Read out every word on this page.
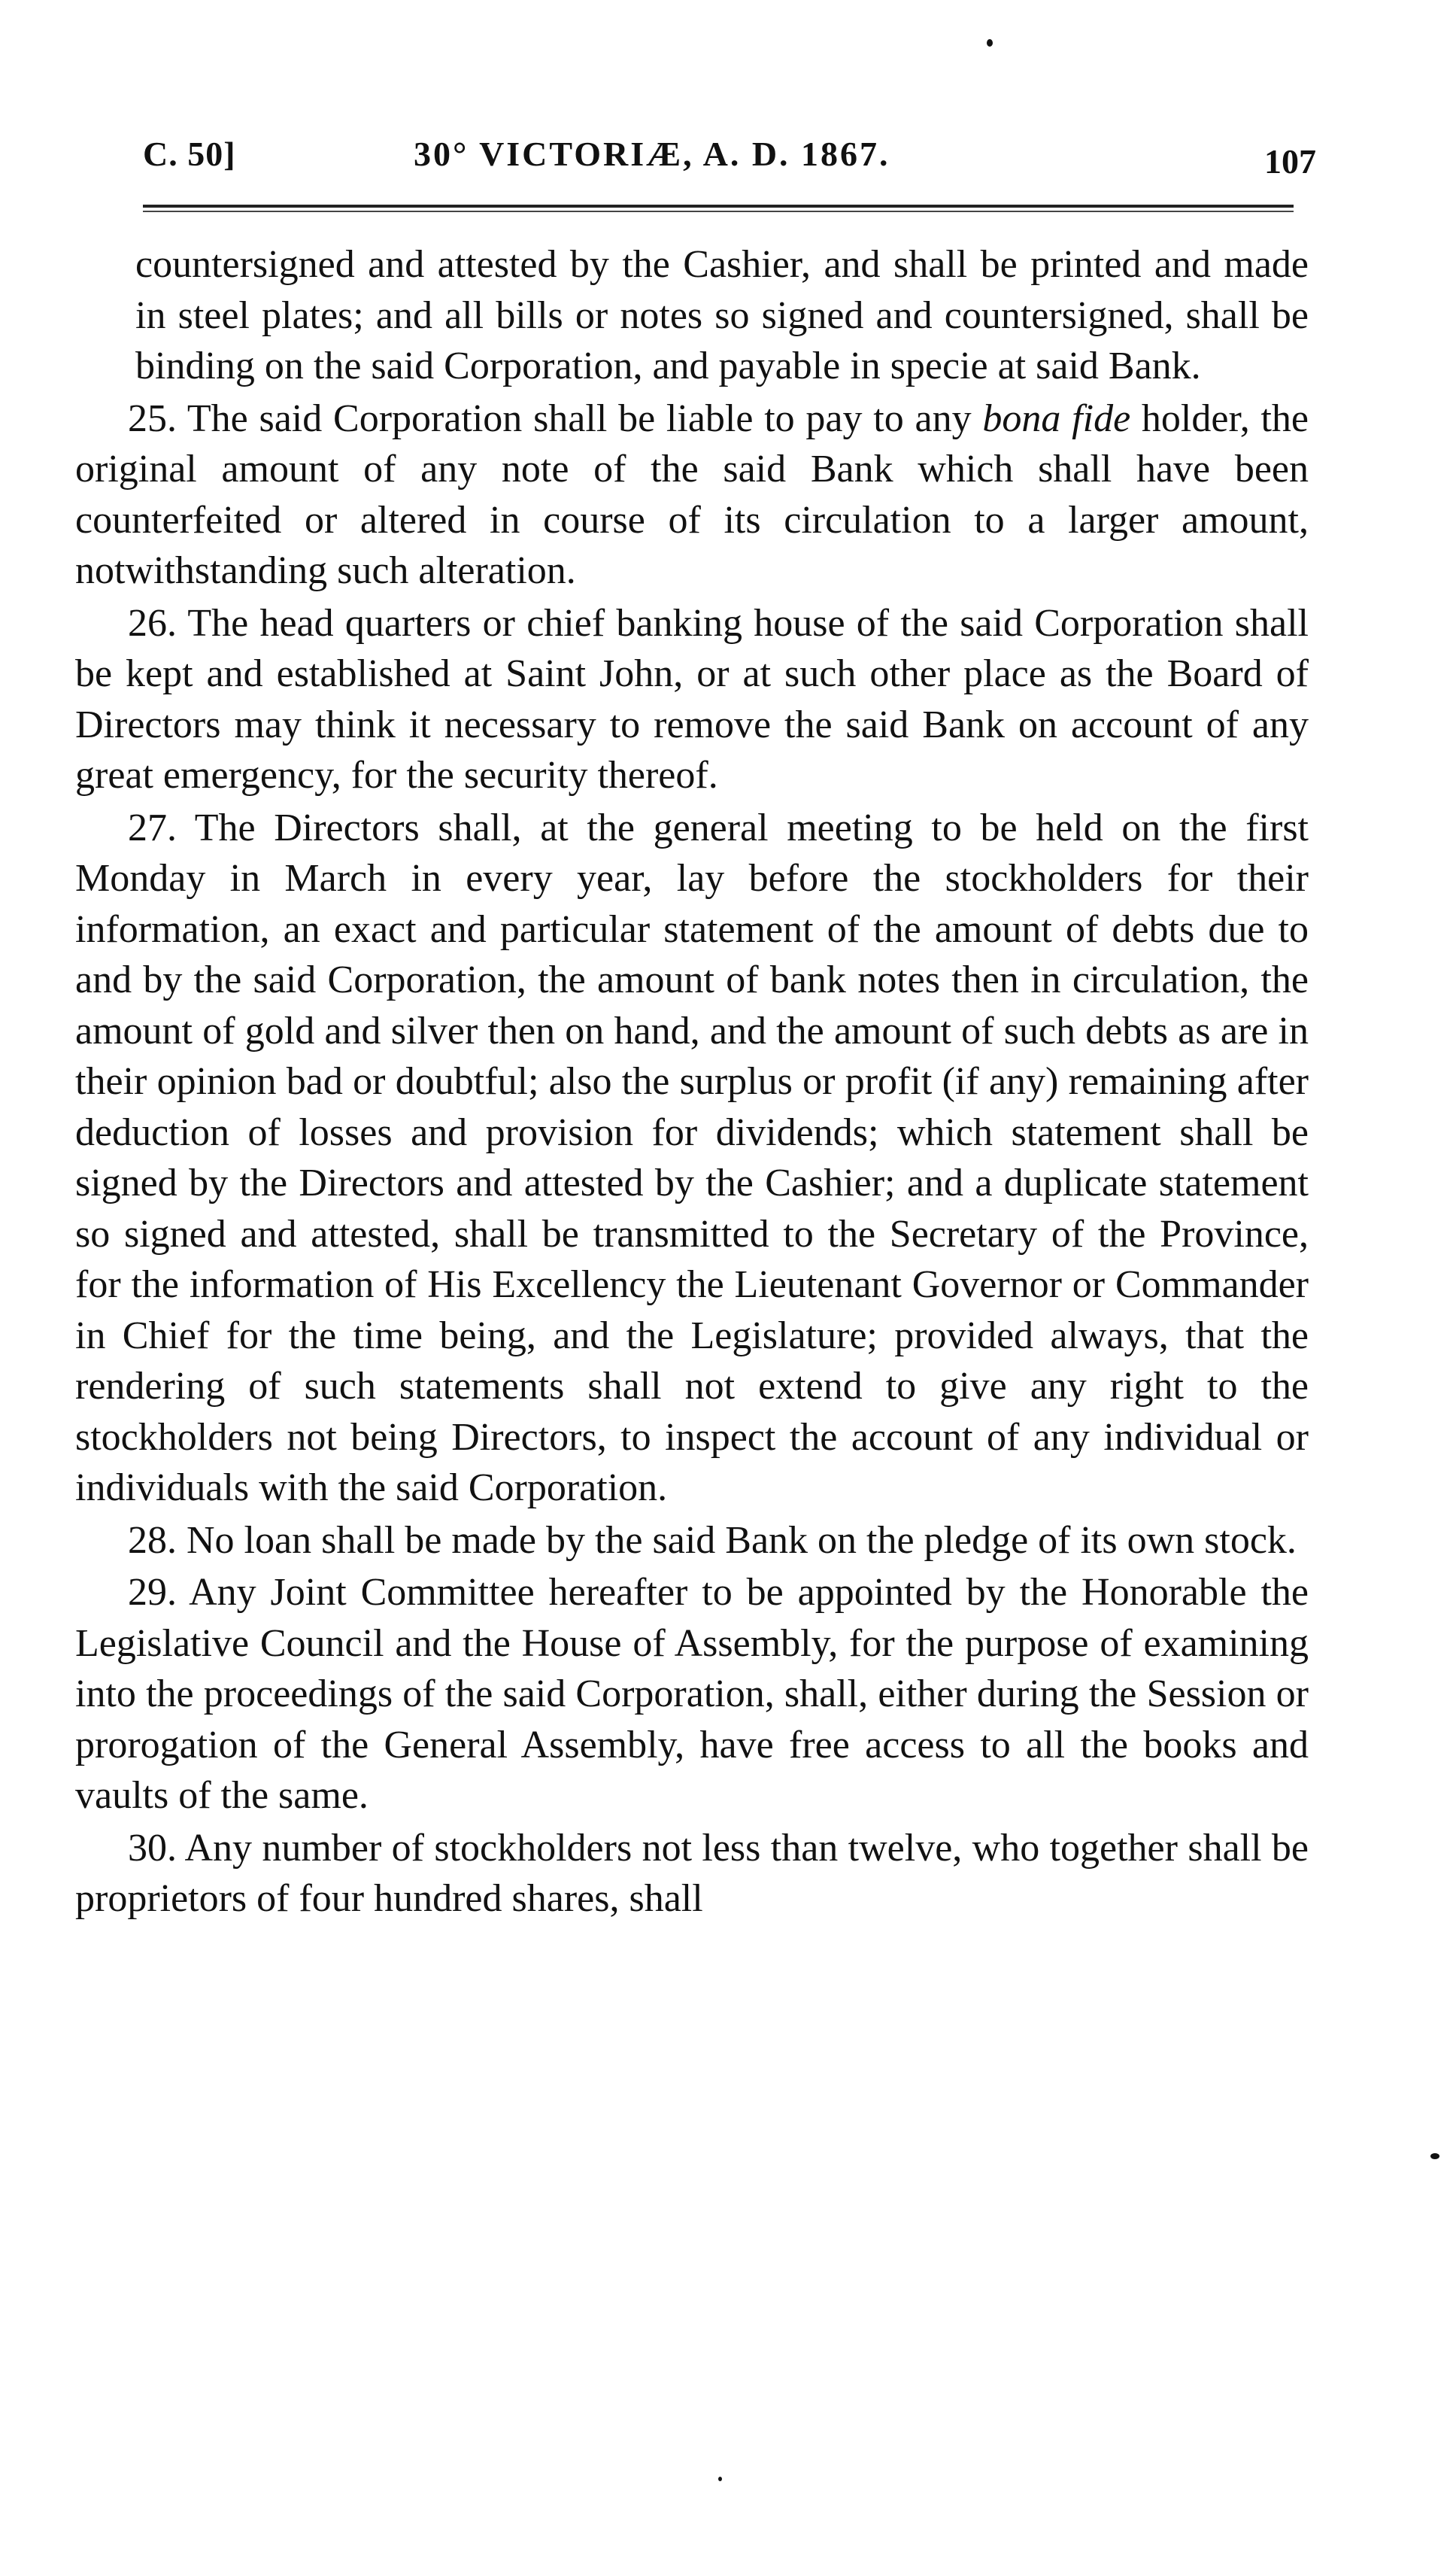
C. 50]	30° VICTORIÆ, A. D. 1867.	107

countersigned and attested by the Cashier, and shall be printed and made in steel plates; and all bills or notes so signed and countersigned, shall be binding on the said Corporation, and payable in specie at said Bank.

25. The said Corporation shall be liable to pay to any bona fide holder, the original amount of any note of the said Bank which shall have been counterfeited or altered in course of its circulation to a larger amount, notwithstanding such alteration.

26. The head quarters or chief banking house of the said Corporation shall be kept and established at Saint John, or at such other place as the Board of Directors may think it necessary to remove the said Bank on account of any great emergency, for the security thereof.

27. The Directors shall, at the general meeting to be held on the first Monday in March in every year, lay before the stockholders for their information, an exact and particular statement of the amount of debts due to and by the said Corporation, the amount of bank notes then in circulation, the amount of gold and silver then on hand, and the amount of such debts as are in their opinion bad or doubtful; also the surplus or profit (if any) remaining after deduction of losses and provision for dividends; which statement shall be signed by the Directors and attested by the Cashier; and a duplicate statement so signed and attested, shall be transmitted to the Secretary of the Province, for the information of His Excellency the Lieutenant Governor or Commander in Chief for the time being, and the Legislature; provided always, that the rendering of such statements shall not extend to give any right to the stockholders not being Directors, to inspect the account of any individual or individuals with the said Corporation.

28. No loan shall be made by the said Bank on the pledge of its own stock.

29. Any Joint Committee hereafter to be appointed by the Honorable the Legislative Council and the House of Assembly, for the purpose of examining into the proceedings of the said Corporation, shall, either during the Session or prorogation of the General Assembly, have free access to all the books and vaults of the same.

30. Any number of stockholders not less than twelve, who together shall be proprietors of four hundred shares, shall
